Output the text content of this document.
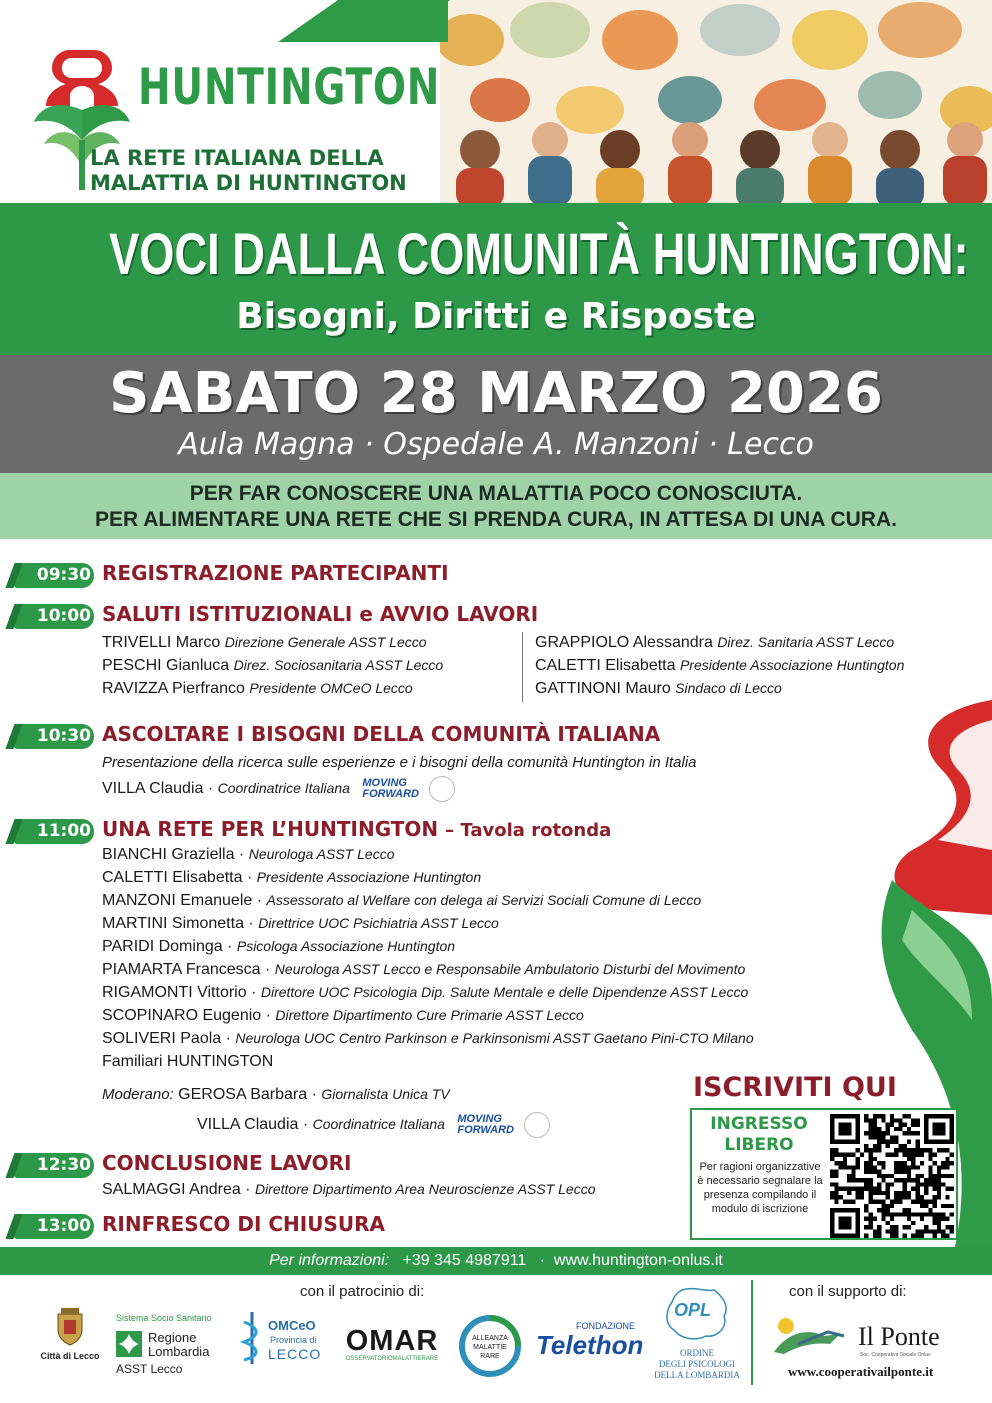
HUNTINGTON
LA RETE ITALIANA DELLA
MALATTIA DI HUNTINGTON
VOCI DALLA COMUNITÀ HUNTINGTON:
Bisogni, Diritti e Risposte
SABATO 28 MARZO 2026
Aula Magna · Ospedale A. Manzoni · Lecco
PER FAR CONOSCERE UNA MALATTIA POCO CONOSCIUTA.
PER ALIMENTARE UNA RETE CHE SI PRENDA CURA, IN ATTESA DI UNA CURA.
09:30 REGISTRAZIONE PARTECIPANTI
10:00 SALUTI ISTITUZIONALI e AVVIO LAVORI
TRIVELLI Marco Direzione Generale ASST Lecco
PESCHI Gianluca Direz. Sociosanitaria ASST Lecco
RAVIZZA Pierfranco Presidente OMCeO Lecco
GRAPPIOLO Alessandra Direz. Sanitaria ASST Lecco
CALETTI Elisabetta Presidente Associazione Huntington
GATTINONI Mauro Sindaco di Lecco
10:30 ASCOLTARE I BISOGNI DELLA COMUNITÀ ITALIANA
Presentazione della ricerca sulle esperienze e i bisogni della comunità Huntington in Italia
VILLA Claudia · Coordinatrice Italiana MOVING
FORWARD
11:00 UNA RETE PER L’HUNTINGTON – Tavola rotonda
BIANCHI Graziella · Neurologa ASST Lecco
CALETTI Elisabetta · Presidente Associazione Huntington
MANZONI Emanuele · Assessorato al Welfare con delega ai Servizi Sociali Comune di Lecco
MARTINI Simonetta · Direttrice UOC Psichiatria ASST Lecco
PARIDI Dominga · Psicologa Associazione Huntington
PIAMARTA Francesca · Neurologa ASST Lecco e Responsabile Ambulatorio Disturbi del Movimento
RIGAMONTI Vittorio · Direttore UOC Psicologia Dip. Salute Mentale e delle Dipendenze ASST Lecco
SCOPINARO Eugenio · Direttore Dipartimento Cure Primarie ASST Lecco
SOLIVERI Paola · Neurologa UOC Centro Parkinson e Parkinsonismi ASST Gaetano Pini-CTO Milano
Familiari HUNTINGTON
Moderano: GEROSA Barbara · Giornalista Unica TV
VILLA Claudia · Coordinatrice Italiana MOVING
FORWARD
12:30 CONCLUSIONE LAVORI
SALMAGGI Andrea · Direttore Dipartimento Area Neuroscienze ASST Lecco
13:00 RINFRESCO DI CHIUSURA
ISCRIVITI QUI
INGRESSO
LIBERO
Per ragioni organizzative è necessario segnalare la presenza compilando il modulo di iscrizione
Per informazioni: +39 345 4987911   ·  www.huntington-onlus.it
con il patrocinio di:	con il supporto di:
Città di Lecco
Sistema Socio Sanitario
Regione
Lombardia
ASST Lecco
OMCeO
Provincia di
LECCO OMAR
OSSERVATORIOMALATTIERARE
ALLEANZA MALATTIE RARE
FONDAZIONE
Telethon
OPL
ORDINE
DEGLI PSICOLOGI
DELLA LOMBARDIA
Il Ponte
Soc. Cooperativa Sociale Onlus
www.cooperativailponte.it
